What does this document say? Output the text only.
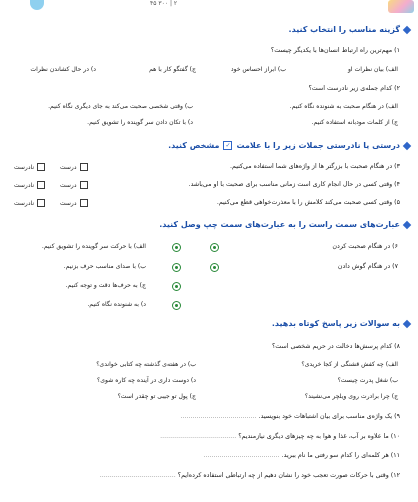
۲ | ۳۰۰ ۴۵
گزینه مناسب را انتخاب کنید.
۱) مهم‌ترین راه ارتباط انسان‌ها با یکدیگر چیست؟
الف) بیان نظرات او
ب) ابراز احساس خود
ج) گفتگو کار با هم
د) در حال کشاندن نظرات
۲) کدام جمله‌ی زیر نادرست است؟
الف) در هنگام صحبت به شنونده نگاه کنیم.
ب) وقتی شخصی صحبت می‌کند به جای دیگری نگاه کنیم.
ج) از کلمات مودبانه استفاده کنیم.
د) با تکان دادن سر گوینده را تشویق کنیم.
درستی یا نادرستی جملات زیر را با علامت
✓
مشخص کنید.
۳) در هنگام صحبت با بزرگتر ها از واژه‌های شما استفاده می‌کنیم.
درست
نادرست
۴) وقتی کسی در حال انجام کاری است زمانی مناسب برای صحبت با او می‌باشد.
درست
نادرست
۵) وقتی کسی صحبت می‌کند کلامش را با معذرت‌خواهی قطع می‌کنیم.
درست
نادرست
عبارت‌های سمت راست را به عبارت‌های سمت چپ وصل کنید.
۶) در هنگام صحبت کردن
۷) در هنگام گوش دادن
الف) با حرکت سر گوینده را تشویق کنیم.
ب) با صدای مناسب حرف بزنیم.
ج) به حرف‌ها دقت و توجه کنیم.
د) به شنونده نگاه کنیم.
به سوالات زیر پاسخ کوتاه بدهید.
۸) کدام پرسش‌ها دخالت در حریم شخصی است؟
الف) چه کفش قشنگی از کجا خریدی؟
ب) در هفته‌ی گذشته چه کتابی خواندی؟
ب) شغل پدرت چیست؟
د) دوست داری در آینده چه کاره شوی؟
ج) چرا برادرت روی ویلچر می‌نشیند؟
ج) پول تو جیبی تو چقدر است؟
۹) یک واژه‌ی مناسب برای بیان اشتباهات خود بنویسید. ......................................
۱۰) ما علاوه بر آب، غذا و هوا به چه چیزهای دیگری نیازمندیم؟ ......................................
۱۱) هر کلمه‌ای را کدام سو رفتی ما نام ببرید. ......................................
۱۲) وقتی با حرکات صورت تعجب خود را نشان دهیم از چه ارتباطی استفاده کرده‌ایم؟ ......................................
